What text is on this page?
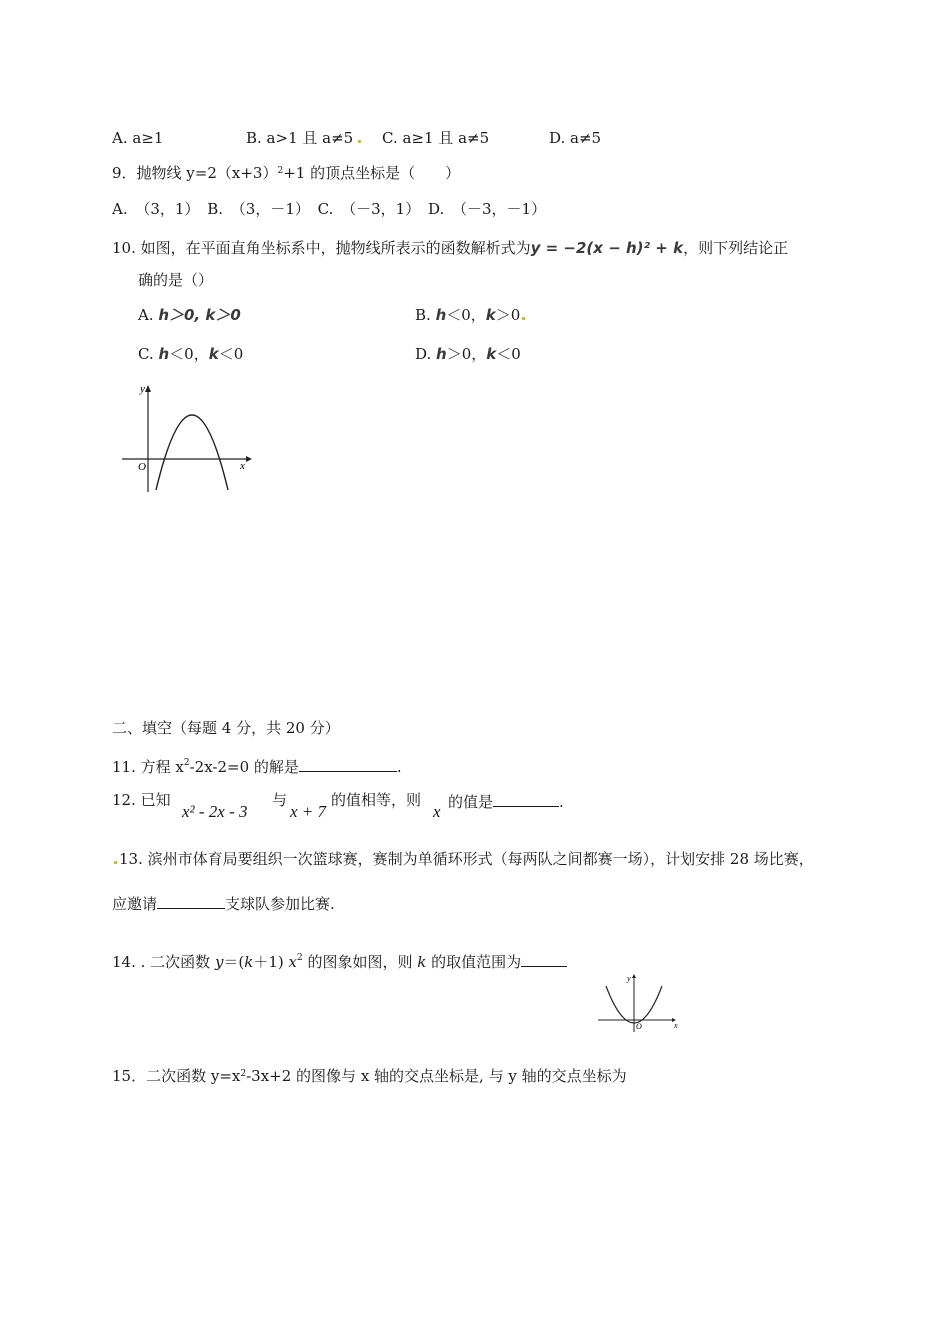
A. a≥1	B. a>1 且 a≠5 C. a≥1 且 a≠5	D. a≠5
9．抛物线 $y=2(x+3)^2+1$ 的顶点坐标是（　　）
A. （3，1） B. （3，－1） C. （－3，1） D. （－3，－1）
10. 如图，在平面直角坐标系中，抛物线所表示的函数解析式为y = −2(x − h)² + k，则下列结论正
确的是（）
A. h＞0, k＞0	B. h＜0，k＞0
C. h＜0，k＜0	D. h＞0，k＜0
y
x
O
二、填空（每题 4 分，共 20 分）
11. 方程 $x^2-2x-2=0$ 的解是	.
12. 已知
x² - 2x - 3
与
x + 7
的值相等，则
x 的值是	.
13. 滨州市体育局要组织一次篮球赛，赛制为单循环形式（每两队之间都赛一场），计划安排 28 场比赛，
应邀请	支球队参加比赛.
14. . 二次函数 y＝(k＋1) $x^2$ 的图象如图，则 k 的取值范围为
y
x
O
15．二次函数 $y=x^2-3x+2$ 的图像与 x 轴的交点坐标是, 与 y 轴的交点坐标为
